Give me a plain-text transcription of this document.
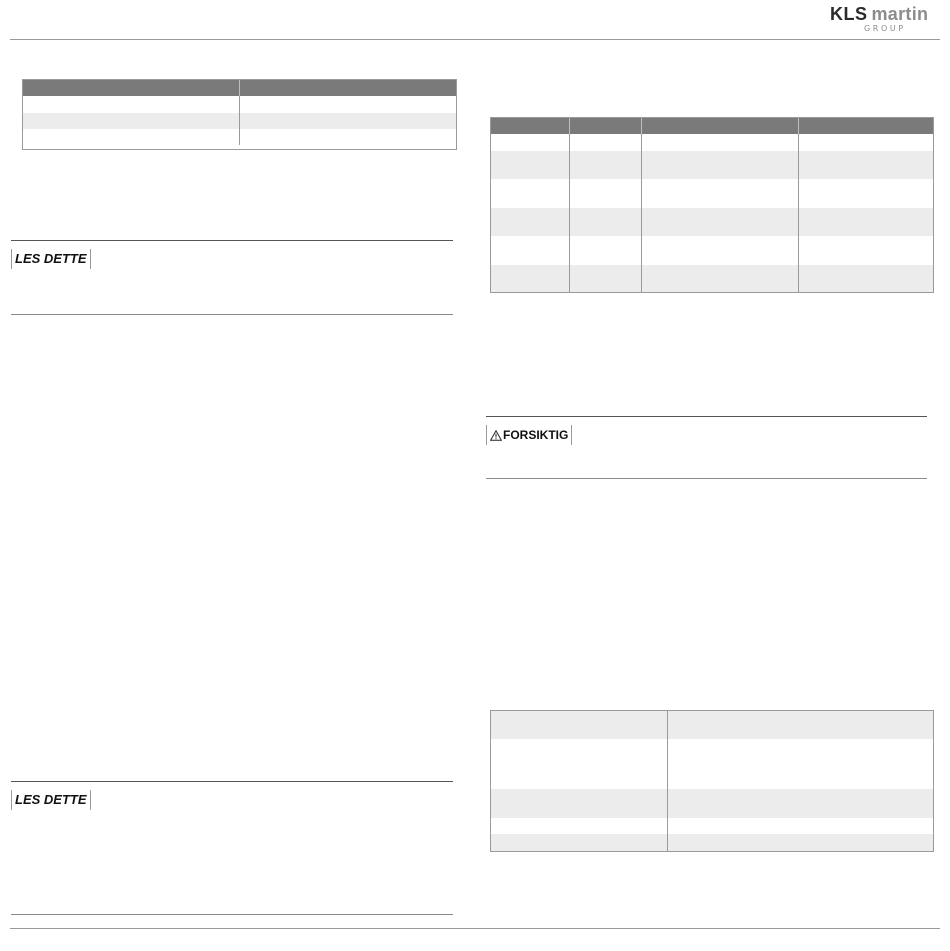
KLS martin
GROUP

LES DETTE
LES DETTE

FORSIKTIG
